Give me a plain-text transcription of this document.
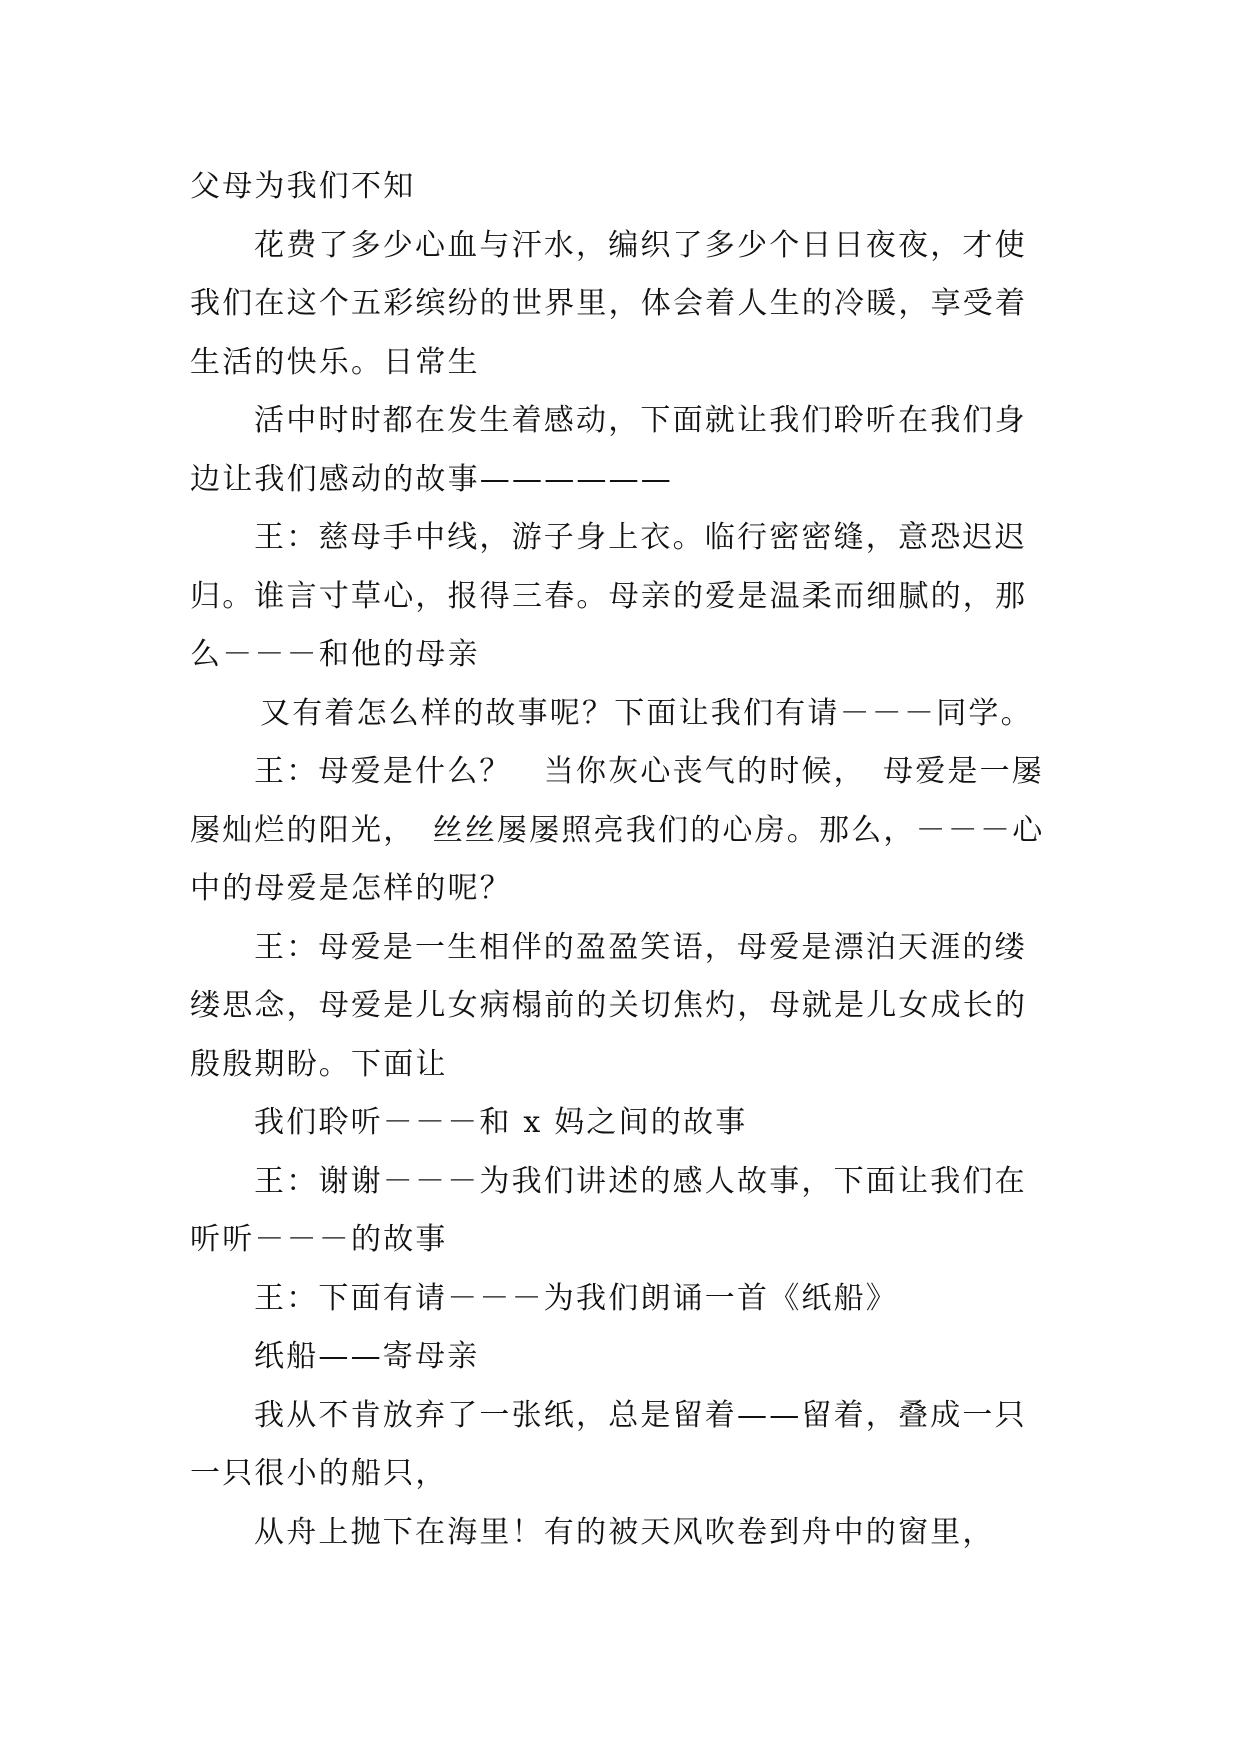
父母为我们不知
花费了多少心血与汗水，编织了多少个日日夜夜，才使
我们在这个五彩缤纷的世界里，体会着人生的冷暖，享受着
生活的快乐。日常生
活中时时都在发生着感动，下面就让我们聆听在我们身
边让我们感动的故事——————
王：慈母手中线，游子身上衣。临行密密缝，意恐迟迟
归。谁言寸草心，报得三春。母亲的爱是温柔而细腻的，那
么－－－和他的母亲
又有着怎么样的故事呢？下面让我们有请－－－同学。
王：母爱是什么？　当你灰心丧气的时候，　母爱是一屡
屡灿烂的阳光，　丝丝屡屡照亮我们的心房。那么，－－－心
中的母爱是怎样的呢？
王：母爱是一生相伴的盈盈笑语，母爱是漂泊天涯的缕
缕思念，母爱是儿女病榻前的关切焦灼，母就是儿女成长的
殷殷期盼。下面让
我们聆听－－－和 x 妈之间的故事
王：谢谢－－－为我们讲述的感人故事，下面让我们在
听听－－－的故事
王：下面有请－－－为我们朗诵一首《纸船》
纸船——寄母亲
我从不肯放弃了一张纸，总是留着——留着，叠成一只
一只很小的船只，
从舟上抛下在海里！有的被天风吹卷到舟中的窗里，
